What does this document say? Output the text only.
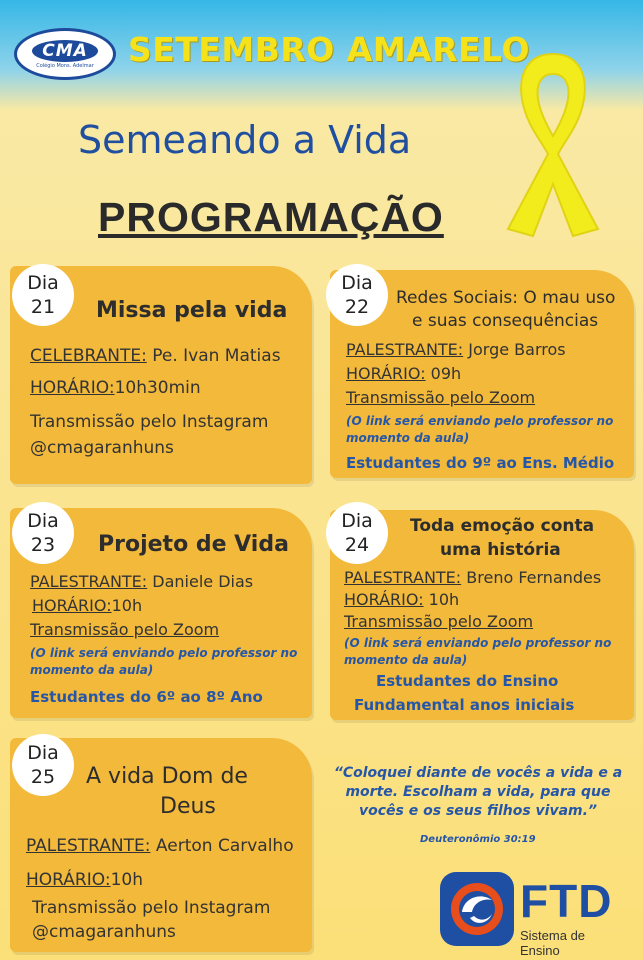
CMA
Colégio Mons. Adelmar SETEMBRO AMARELO
Semeando a Vida
PROGRAMAÇÃO
Dia
21 Missa pela vida
CELEBRANTE: Pe. Ivan Matias
HORÁRIO:10h30min
Transmissão pelo Instagram
@cmagaranhuns
Dia
22 Redes Sociais: O mau uso
e suas consequências
PALESTRANTE: Jorge Barros
HORÁRIO: 09h
Transmissão pelo Zoom
(O link será enviando pelo professor no
momento da aula)
Estudantes do 9º ao Ens. Médio
Dia
23 Projeto de Vida
PALESTRANTE: Daniele Dias
HORÁRIO:10h
Transmissão pelo Zoom
(O link será enviando pelo professor no
momento da aula)
Estudantes do 6º ao 8º Ano
Dia
24
Toda emoção conta
uma história
PALESTRANTE: Breno Fernandes
HORÁRIO: 10h
Transmissão pelo Zoom
(O link será enviando pelo professor no
momento da aula)
Estudantes do Ensino
Fundamental anos iniciais
Dia
25 A vida Dom de
Deus
PALESTRANTE: Aerton Carvalho
HORÁRIO:10h
Transmissão pelo Instagram
@cmagaranhuns
“Coloquei diante de vocês a vida e a morte. Escolham a vida, para que vocês e os seus filhos vivam.”
Deuteronômio 30:19
FTD
Sistema de Ensino
